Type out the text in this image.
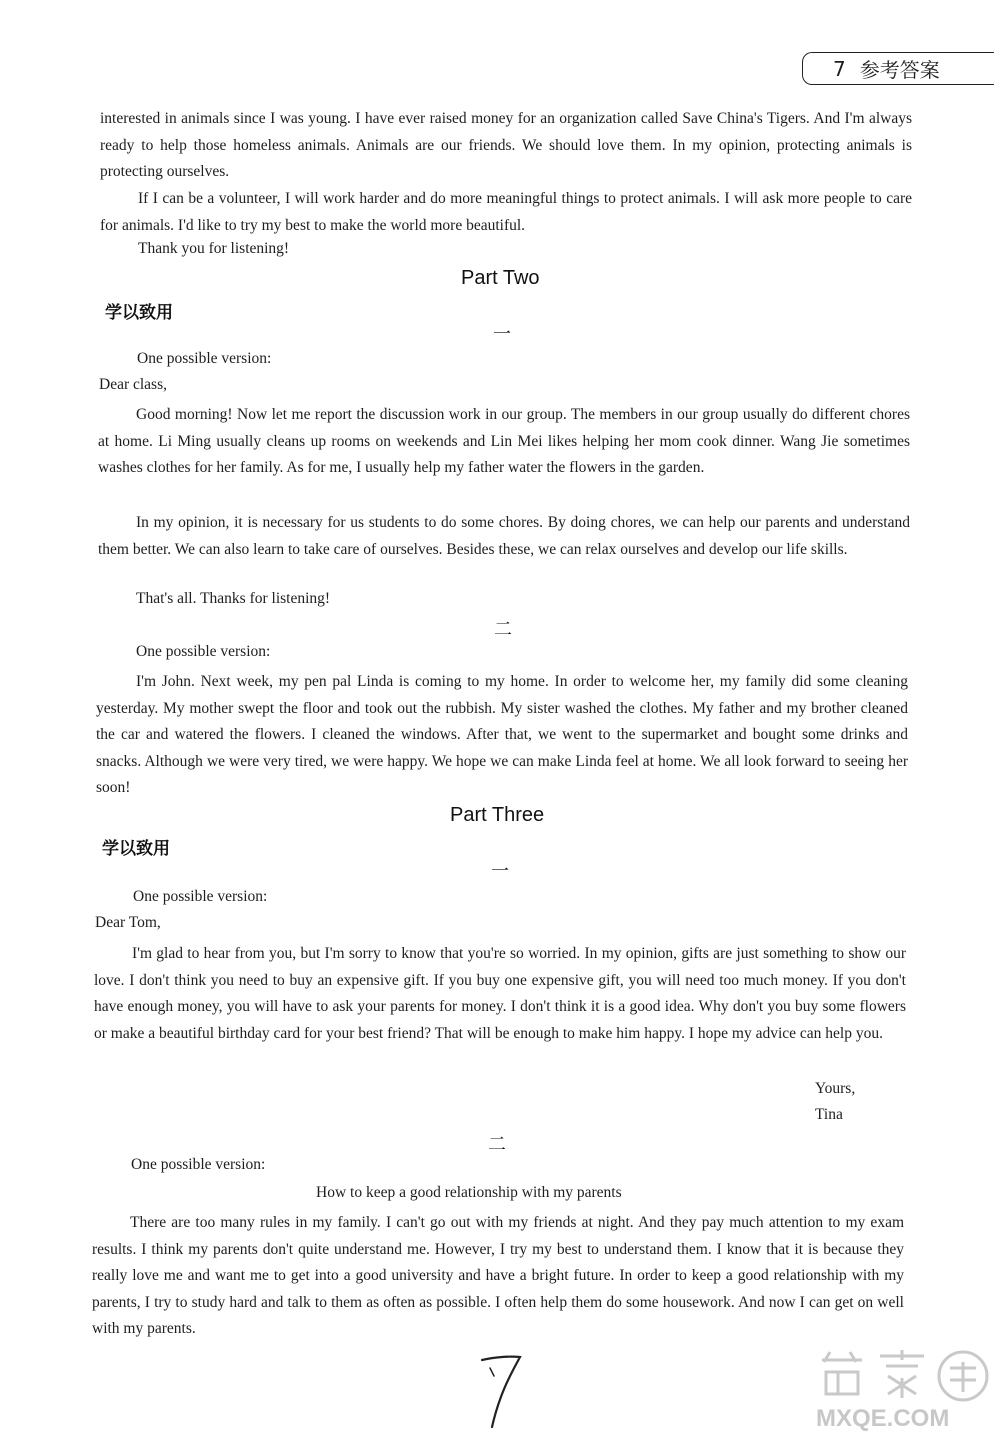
7 参考答案

interested in animals since I was young. I have ever raised money for an organization called Save China's Tigers. And I'm always ready to help those homeless animals. Animals are our friends. We should love them. In my opinion, protecting animals is protecting ourselves.

If I can be a volunteer, I will work harder and do more meaningful things to protect animals. I will ask more people to care for animals. I'd like to try my best to make the world more beautiful.

Thank you for listening!

Part Two
学以致用
一

One possible version:

Dear class,

Good morning! Now let me report the discussion work in our group. The members in our group usually do different chores at home. Li Ming usually cleans up rooms on weekends and Lin Mei likes helping her mom cook dinner. Wang Jie sometimes washes clothes for her family. As for me, I usually help my father water the flowers in the garden.

In my opinion, it is necessary for us students to do some chores. By doing chores, we can help our parents and understand them better. We can also learn to take care of ourselves. Besides these, we can relax ourselves and develop our life skills.

That's all. Thanks for listening!

二

One possible version:

I'm John. Next week, my pen pal Linda is coming to my home. In order to welcome her, my family did some cleaning yesterday. My mother swept the floor and took out the rubbish. My sister washed the clothes. My father and my brother cleaned the car and watered the flowers. I cleaned the windows. After that, we went to the supermarket and bought some drinks and snacks. Although we were very tired, we were happy. We hope we can make Linda feel at home. We all look forward to seeing her soon!

Part Three
学以致用
一

One possible version:

Dear Tom,

I'm glad to hear from you, but I'm sorry to know that you're so worried. In my opinion, gifts are just something to show our love. I don't think you need to buy an expensive gift. If you buy one expensive gift, you will need too much money. If you don't have enough money, you will have to ask your parents for money. I don't think it is a good idea. Why don't you buy some flowers or make a beautiful birthday card for your best friend? That will be enough to make him happy. I hope my advice can help you.

Yours,

Tina

二

One possible version:

How to keep a good relationship with my parents

There are too many rules in my family. I can't go out with my friends at night. And they pay much attention to my exam results. I think my parents don't quite understand me. However, I try my best to understand them. I know that it is because they really love me and want me to get into a good university and have a bright future. In order to keep a good relationship with my parents, I try to study hard and talk to them as often as possible. I often help them do some housework. And now I can get on well with my parents.

MXQE.COM
